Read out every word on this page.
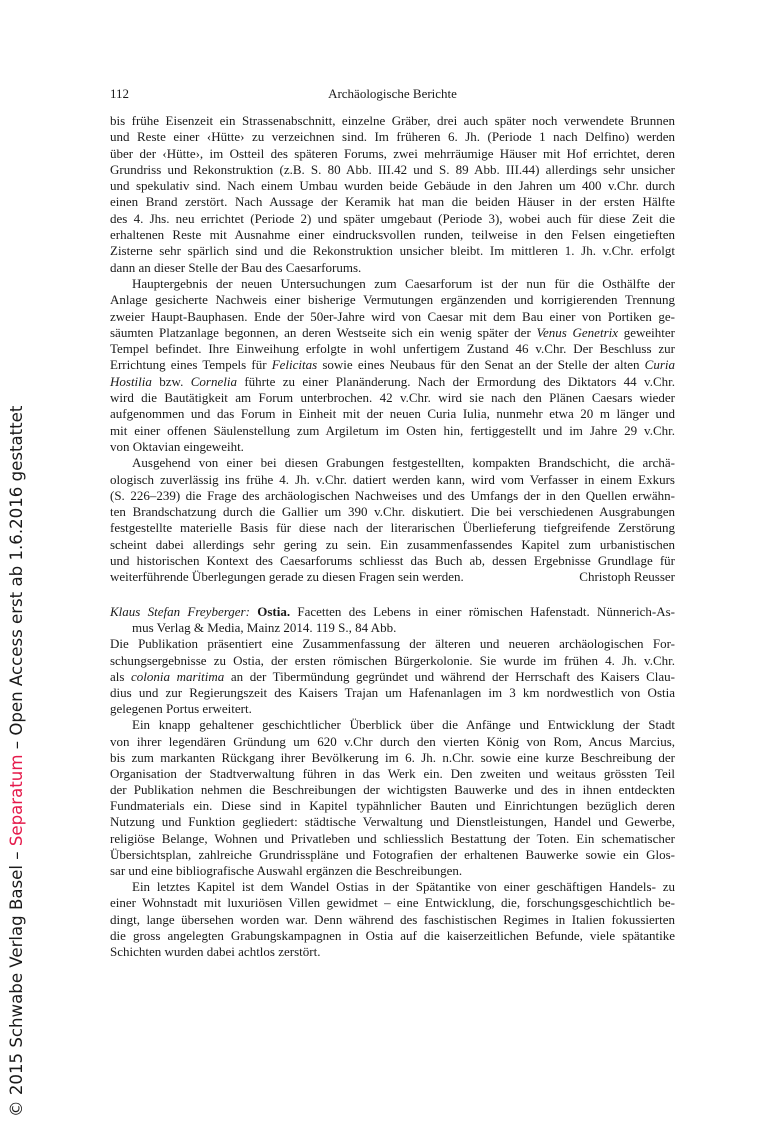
112	Archäologische Berichte
bis frühe Eisenzeit ein Strassenabschnitt, einzelne Gräber, drei auch später noch verwendete Brunnen
und Reste einer ‹Hütte› zu verzeichnen sind. Im früheren 6. Jh. (Periode 1 nach Delfino) werden
über der ‹Hütte›, im Ostteil des späteren Forums, zwei mehrräumige Häuser mit Hof errichtet, deren
Grundriss und Rekonstruktion (z.B. S. 80 Abb. III.42 und S. 89 Abb. III.44) allerdings sehr unsicher
und spekulativ sind. Nach einem Umbau wurden beide Gebäude in den Jahren um 400 v.Chr. durch
einen Brand zerstört. Nach Aussage der Keramik hat man die beiden Häuser in der ersten Hälfte
des 4. Jhs. neu errichtet (Periode 2) und später umgebaut (Periode 3), wobei auch für diese Zeit die
erhaltenen Reste mit Ausnahme einer eindrucksvollen runden, teilweise in den Felsen eingetieften
Zisterne sehr spärlich sind und die Rekonstruktion unsicher bleibt. Im mittleren 1. Jh. v.Chr. erfolgt
dann an dieser Stelle der Bau des Caesarforums.
Hauptergebnis der neuen Untersuchungen zum Caesarforum ist der nun für die Osthälfte der
Anlage gesicherte Nachweis einer bisherige Vermutungen ergänzenden und korrigierenden Trennung
zweier Haupt-Bauphasen. Ende der 50er-Jahre wird von Caesar mit dem Bau einer von Portiken ge-
säumten Platzanlage begonnen, an deren Westseite sich ein wenig später der Venus Genetrix geweihter
Tempel befindet. Ihre Einweihung erfolgte in wohl unfertigem Zustand 46 v.Chr. Der Beschluss zur
Errichtung eines Tempels für Felicitas sowie eines Neubaus für den Senat an der Stelle der alten Curia
Hostilia bzw. Cornelia führte zu einer Planänderung. Nach der Ermordung des Diktators 44 v.Chr.
wird die Bautätigkeit am Forum unterbrochen. 42 v.Chr. wird sie nach den Plänen Caesars wieder
aufgenommen und das Forum in Einheit mit der neuen Curia Iulia, nunmehr etwa 20 m länger und
mit einer offenen Säulenstellung zum Argiletum im Osten hin, fertiggestellt und im Jahre 29 v.Chr.
von Oktavian eingeweiht.
Ausgehend von einer bei diesen Grabungen festgestellten, kompakten Brandschicht, die archä-
ologisch zuverlässig ins frühe 4. Jh. v.Chr. datiert werden kann, wird vom Verfasser in einem Exkurs
(S. 226–239) die Frage des archäologischen Nachweises und des Umfangs der in den Quellen erwähn-
ten Brandschatzung durch die Gallier um 390 v.Chr. diskutiert. Die bei verschiedenen Ausgrabungen
festgestellte materielle Basis für diese nach der literarischen Überlieferung tiefgreifende Zerstörung
scheint dabei allerdings sehr gering zu sein. Ein zusammenfassendes Kapitel zum urbanistischen
und historischen Kontext des Caesarforums schliesst das Buch ab, dessen Ergebnisse Grundlage für
weiterführende Überlegungen gerade zu diesen Fragen sein werden.	Christoph Reusser
Klaus Stefan Freyberger: Ostia. Facetten des Lebens in einer römischen Hafenstadt. Nünnerich-As-
mus Verlag & Media, Mainz 2014. 119 S., 84 Abb.
Die Publikation präsentiert eine Zusammenfassung der älteren und neueren archäologischen For-
schungsergebnisse zu Ostia, der ersten römischen Bürgerkolonie. Sie wurde im frühen 4. Jh. v.Chr.
als colonia maritima an der Tibermündung gegründet und während der Herrschaft des Kaisers Clau-
dius und zur Regierungszeit des Kaisers Trajan um Hafenanlagen im 3 km nordwestlich von Ostia
gelegenen Portus erweitert.
Ein knapp gehaltener geschichtlicher Überblick über die Anfänge und Entwicklung der Stadt
von ihrer legendären Gründung um 620 v.Chr durch den vierten König von Rom, Ancus Marcius,
bis zum markanten Rückgang ihrer Bevölkerung im 6. Jh. n.Chr. sowie eine kurze Beschreibung der
Organisation der Stadtverwaltung führen in das Werk ein. Den zweiten und weitaus grössten Teil
der Publikation nehmen die Beschreibungen der wichtigsten Bauwerke und des in ihnen entdeckten
Fundmaterials ein. Diese sind in Kapitel typähnlicher Bauten und Einrichtungen bezüglich deren
Nutzung und Funktion gegliedert: städtische Verwaltung und Dienstleistungen, Handel und Gewerbe,
religiöse Belange, Wohnen und Privatleben und schliesslich Bestattung der Toten. Ein schematischer
Übersichtsplan, zahlreiche Grundrisspläne und Fotografien der erhaltenen Bauwerke sowie ein Glos-
sar und eine bibliografische Auswahl ergänzen die Beschreibungen.
Ein letztes Kapitel ist dem Wandel Ostias in der Spätantike von einer geschäftigen Handels- zu
einer Wohnstadt mit luxuriösen Villen gewidmet – eine Entwicklung, die, forschungsgeschichtlich be-
dingt, lange übersehen worden war. Denn während des faschistischen Regimes in Italien fokussierten
die gross angelegten Grabungskampagnen in Ostia auf die kaiserzeitlichen Befunde, viele spätantike
Schichten wurden dabei achtlos zerstört.
© 2015 Schwabe Verlag Basel – Separatum – Open Access erst ab 1.6.2016 gestattet
